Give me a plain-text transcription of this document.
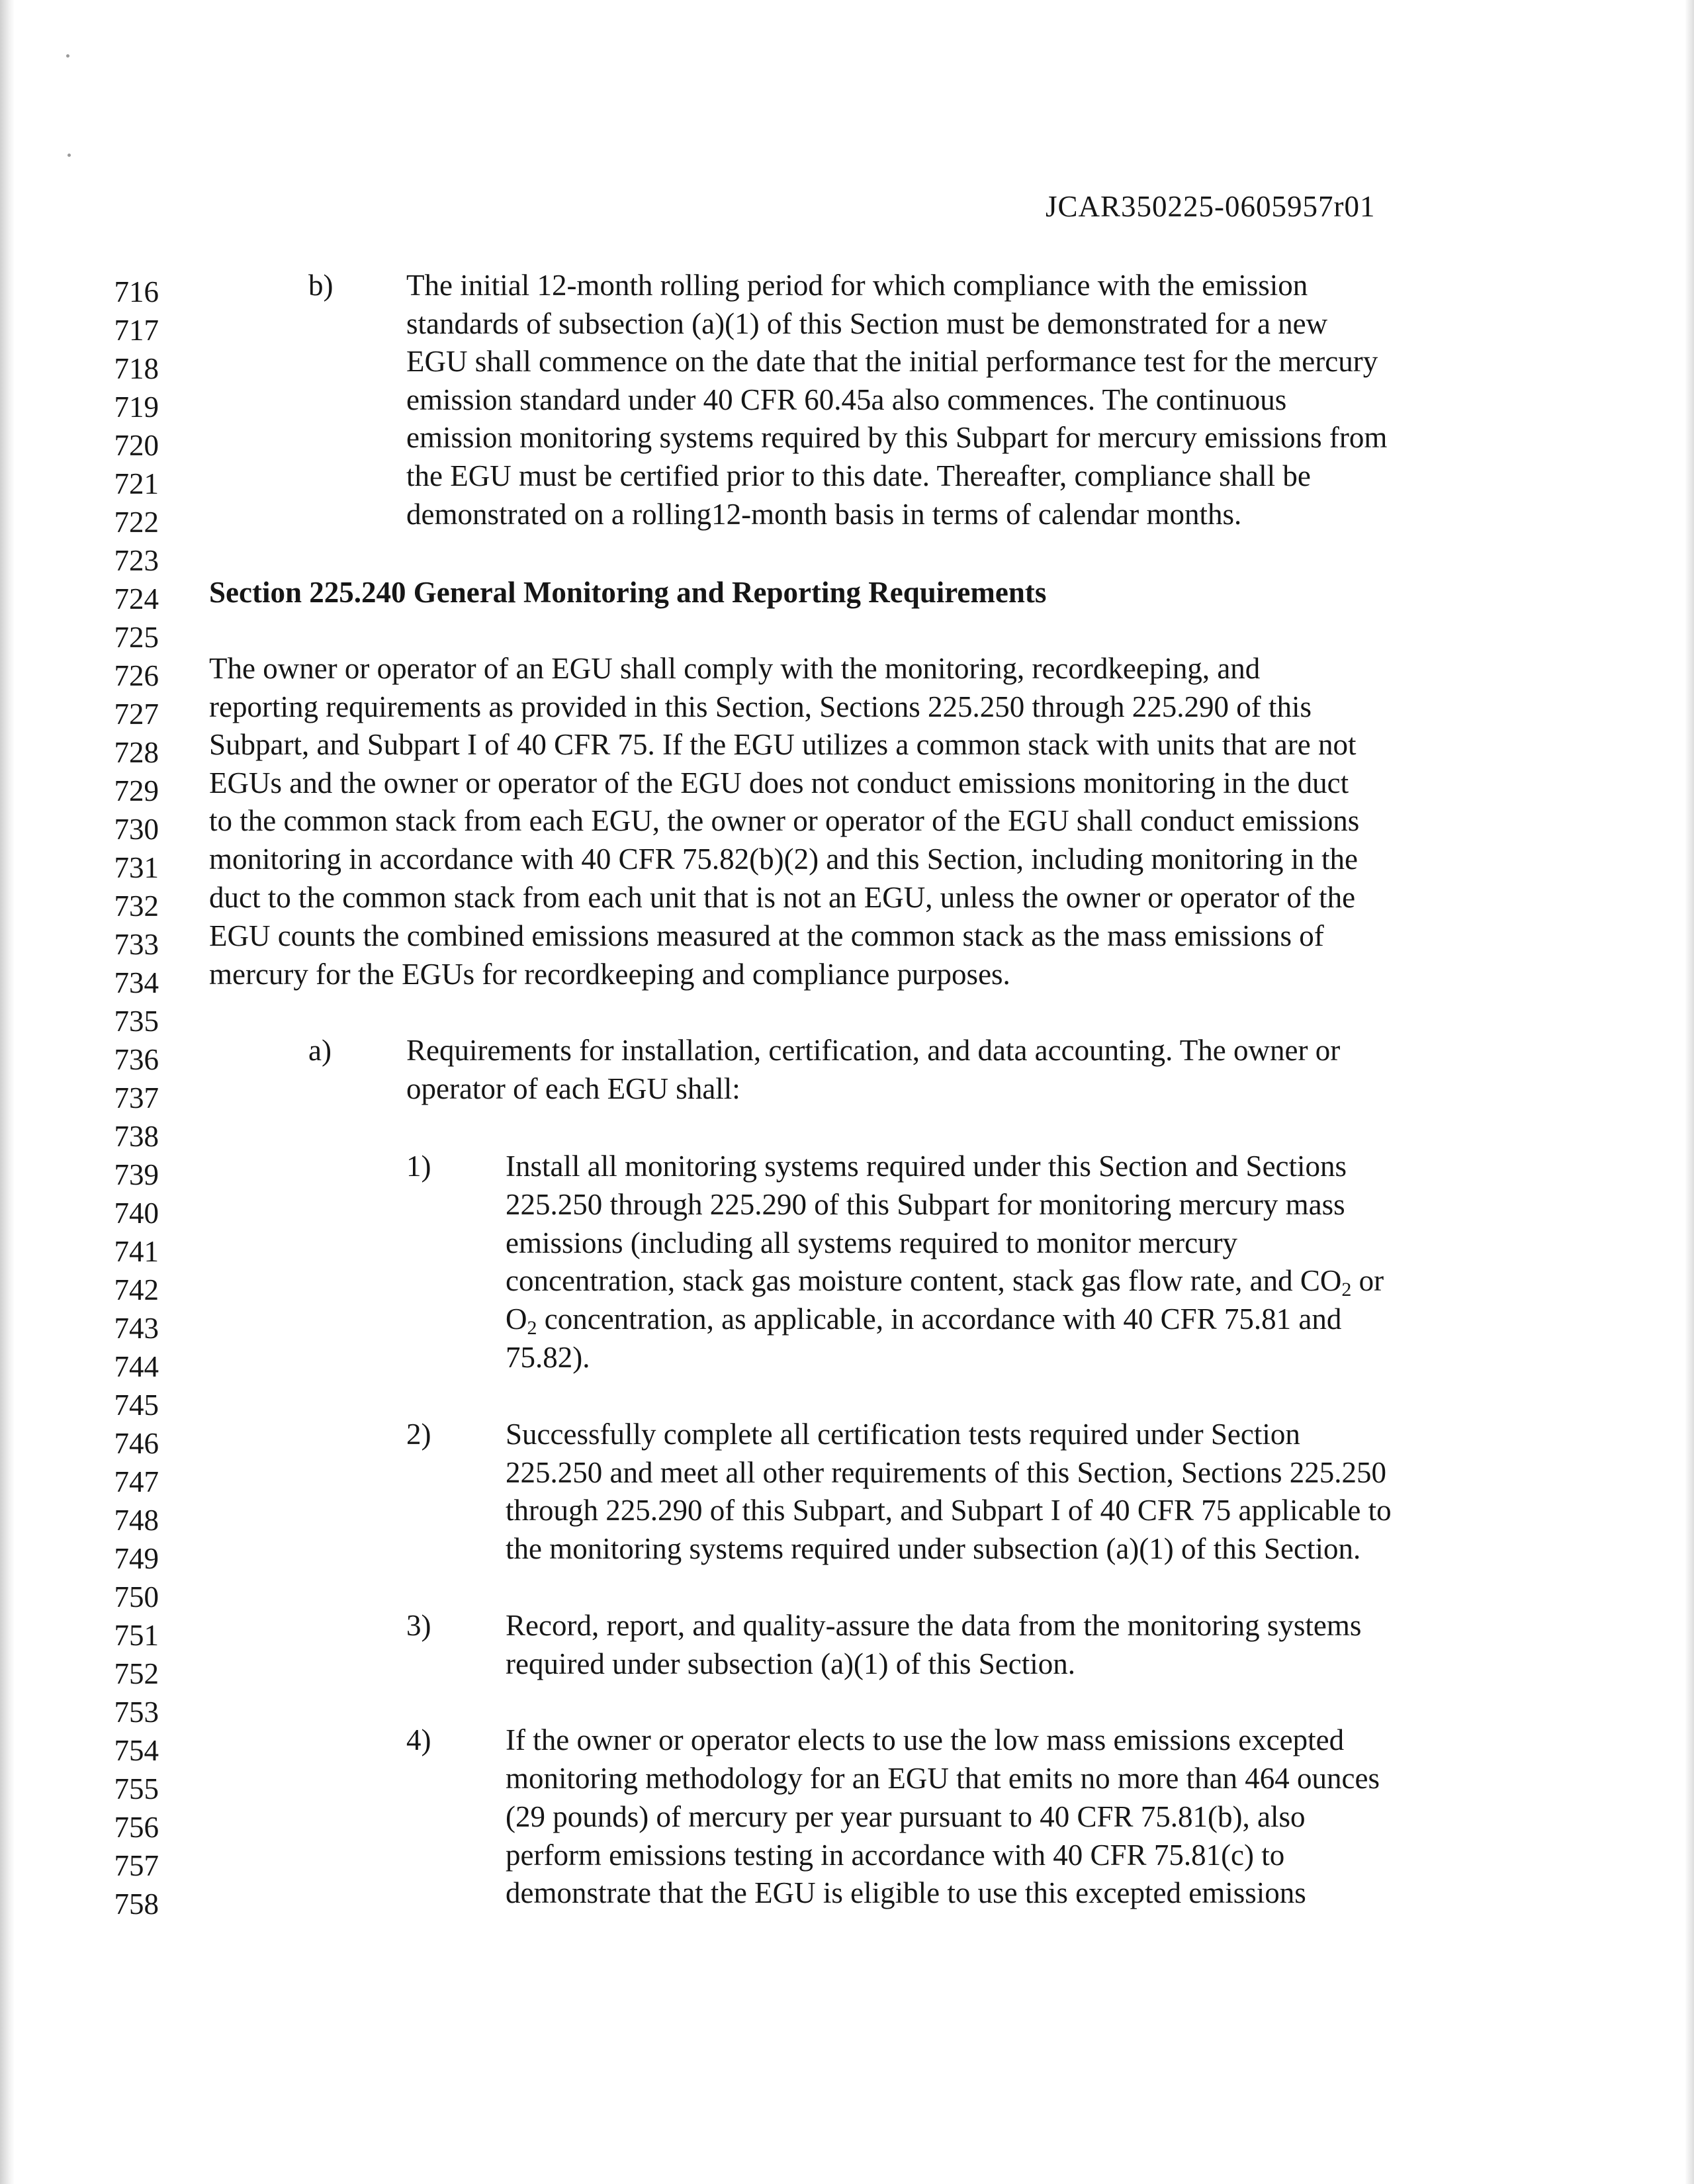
JCAR350225-0605957r01
716	b) The initial 12-month rolling period for which compliance with the emission
717	standards of subsection (a)(1) of this Section must be demonstrated for a new
718	EGU shall commence on the date that the initial performance test for the mercury
719	emission standard under 40 CFR 60.45a also commences. The continuous
720	emission monitoring systems required by this Subpart for mercury emissions from
721	the EGU must be certified prior to this date. Thereafter, compliance shall be
722	demonstrated on a rolling12-month basis in terms of calendar months.
723
724 Section 225.240 General Monitoring and Reporting Requirements
725
726 The owner or operator of an EGU shall comply with the monitoring, recordkeeping, and
727 reporting requirements as provided in this Section, Sections 225.250 through 225.290 of this
728 Subpart, and Subpart I of 40 CFR 75. If the EGU utilizes a common stack with units that are not
729 EGUs and the owner or operator of the EGU does not conduct emissions monitoring in the duct
730 to the common stack from each EGU, the owner or operator of the EGU shall conduct emissions
731 monitoring in accordance with 40 CFR 75.82(b)(2) and this Section, including monitoring in the
732 duct to the common stack from each unit that is not an EGU, unless the owner or operator of the
733 EGU counts the combined emissions measured at the common stack as the mass emissions of
734 mercury for the EGUs for recordkeeping and compliance purposes.
735
736	a)	Requirements for installation, certification, and data accounting. The owner or
737	operator of each EGU shall:
738
739	1)	Install all monitoring systems required under this Section and Sections
740	225.250 through 225.290 of this Subpart for monitoring mercury mass
741	emissions (including all systems required to monitor mercury
742	concentration, stack gas moisture content, stack gas flow rate, and $CO_2$ or
743	$O_2$ concentration, as applicable, in accordance with 40 CFR 75.81 and
744	75.82).
745
746	2)	Successfully complete all certification tests required under Section
747	225.250 and meet all other requirements of this Section, Sections 225.250
748	through 225.290 of this Subpart, and Subpart I of 40 CFR 75 applicable to
749	the monitoring systems required under subsection (a)(1) of this Section.
750
751	3)	Record, report, and quality-assure the data from the monitoring systems
752	required under subsection (a)(1) of this Section.
753
754	4)	If the owner or operator elects to use the low mass emissions excepted
755	monitoring methodology for an EGU that emits no more than 464 ounces
756	(29 pounds) of mercury per year pursuant to 40 CFR 75.81(b), also
757	perform emissions testing in accordance with 40 CFR 75.81(c) to
758	demonstrate that the EGU is eligible to use this excepted emissions
